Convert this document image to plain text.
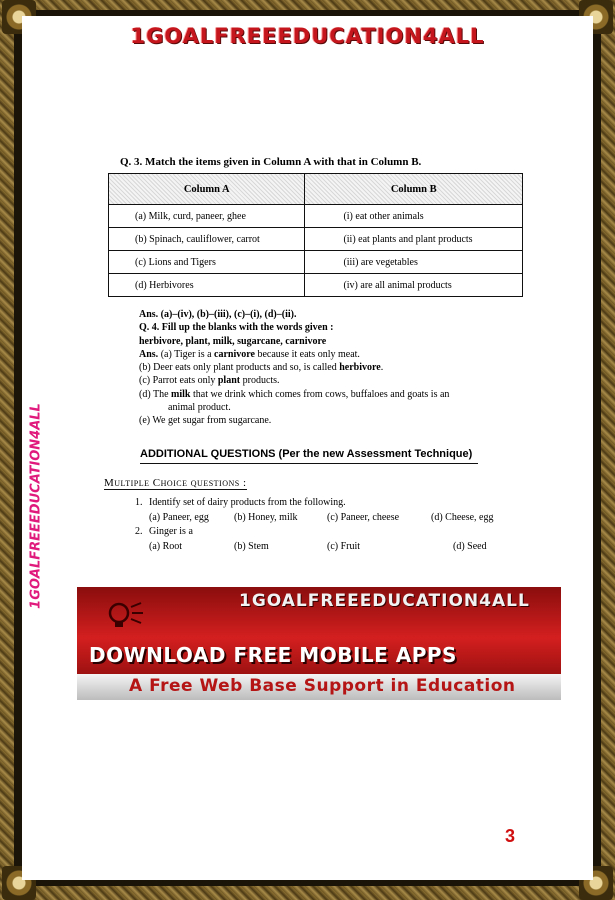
1GOALFREEEDUCATION4ALL
1GOALFREEEDUCATION4ALL
Q. 3. Match the items given in Column A with that in Column B.
Column A	Column B
(a) Milk, curd, paneer, ghee	(i) eat other animals
(b) Spinach, cauliflower, carrot	(ii) eat plants and plant products
(c) Lions and Tigers	(iii) are vegetables
(d) Herbivores	(iv) are all animal products
Ans. (a)–(iv), (b)–(iii), (c)–(i), (d)–(ii).
Q. 4. Fill up the blanks with the words given :
herbivore, plant, milk, sugarcane, carnivore
Ans. (a) Tiger is a carnivore because it eats only meat.
(b) Deer eats only plant products and so, is called herbivore.
(c) Parrot eats only plant products.
(d) The milk that we drink which comes from cows, buffaloes and goats is an
animal product.
(e) We get sugar from sugarcane.
ADDITIONAL QUESTIONS (Per the new Assessment Technique)
Multiple Choice questions :
1. Identify set of dairy products from the following.
(a) Paneer, egg	(b) Honey, milk	(c) Paneer, cheese	(d) Cheese, egg
2. Ginger is a
(a) Root	(b) Stem	(c) Fruit	(d) Seed
1GOALFREEEDUCATION4ALL
DOWNLOAD FREE MOBILE APPS
A Free Web Base Support in Education
3
